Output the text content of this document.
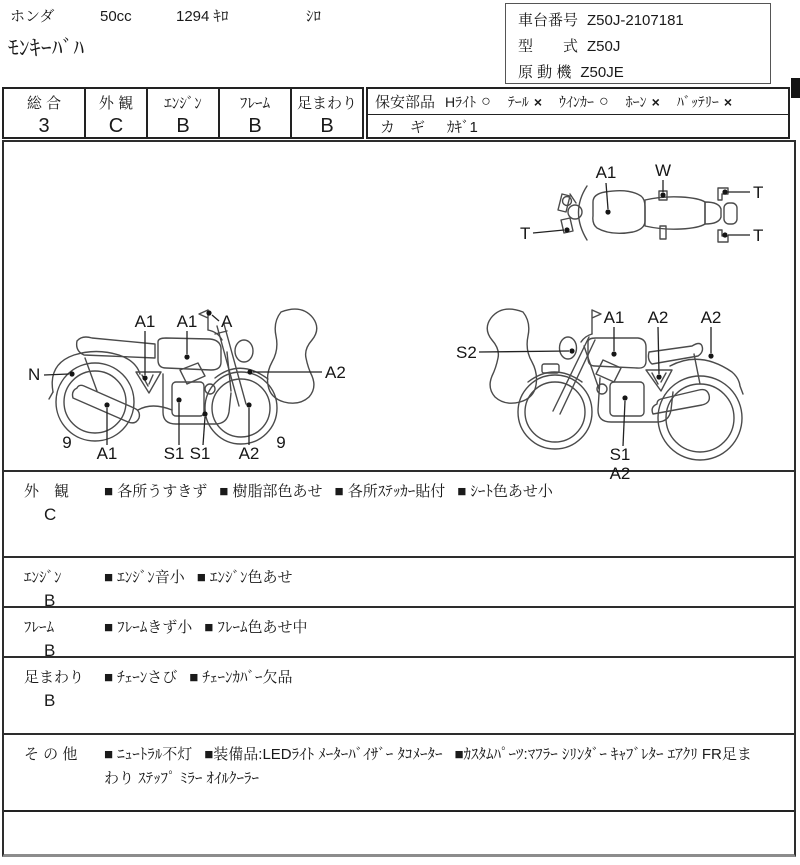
ホンダ	50cc	1294 ｷﾛ	ｼﾛ
ﾓﾝｷｰﾊﾞﾊ
車台番号 Z50J-2107181
型　　式 Z50J
原 動 機 Z50JE
総 合
3
外 観
C
ｴﾝｼﾞﾝ
B
ﾌﾚｰﾑ
B
足まわり
B
保安部品 Hﾗｲﾄ ○ ﾃｰﾙ × ｳｲﾝｶｰ ○ ﾎｰﾝ × ﾊﾞｯﾃﾘｰ ×
カ　ギ ｶｷﾞ1
外　観
C
■ 各所うすきず ■ 樹脂部色あせ ■ 各所ｽﾃｯｶｰ貼付 ■ ｼｰﾄ色あせ小
ｴﾝｼﾞﾝ
B
■ ｴﾝｼﾞﾝ音小 ■ ｴﾝｼﾞﾝ色あせ
ﾌﾚｰﾑ
B
■ ﾌﾚｰﾑきず小 ■ ﾌﾚｰﾑ色あせ中
足まわり
B
■ ﾁｪｰﾝさび ■ ﾁｪｰﾝｶﾊﾞｰ欠品
そ の 他	■ ﾆｭｰﾄﾗﾙ不灯 ■装備品:LEDﾗｲﾄ ﾒｰﾀｰﾊﾞｲｻﾞｰ ﾀｺﾒｰﾀｰ ■ｶｽﾀﾑﾊﾟｰﾂ:ﾏﾌﾗｰ ｼﾘﾝﾀﾞｰ ｷｬﾌﾞﾚﾀｰ ｴｱｸﾘ FR足まわり ｽﾃｯﾌﾟ ﾐﾗｰ ｵｲﾙｸｰﾗｰ
A1 W
T
T
T
N
A1 A1 A
A2
9
A1	S1 S1 A2
9
S2
A1 A2 A2
S1
A2
